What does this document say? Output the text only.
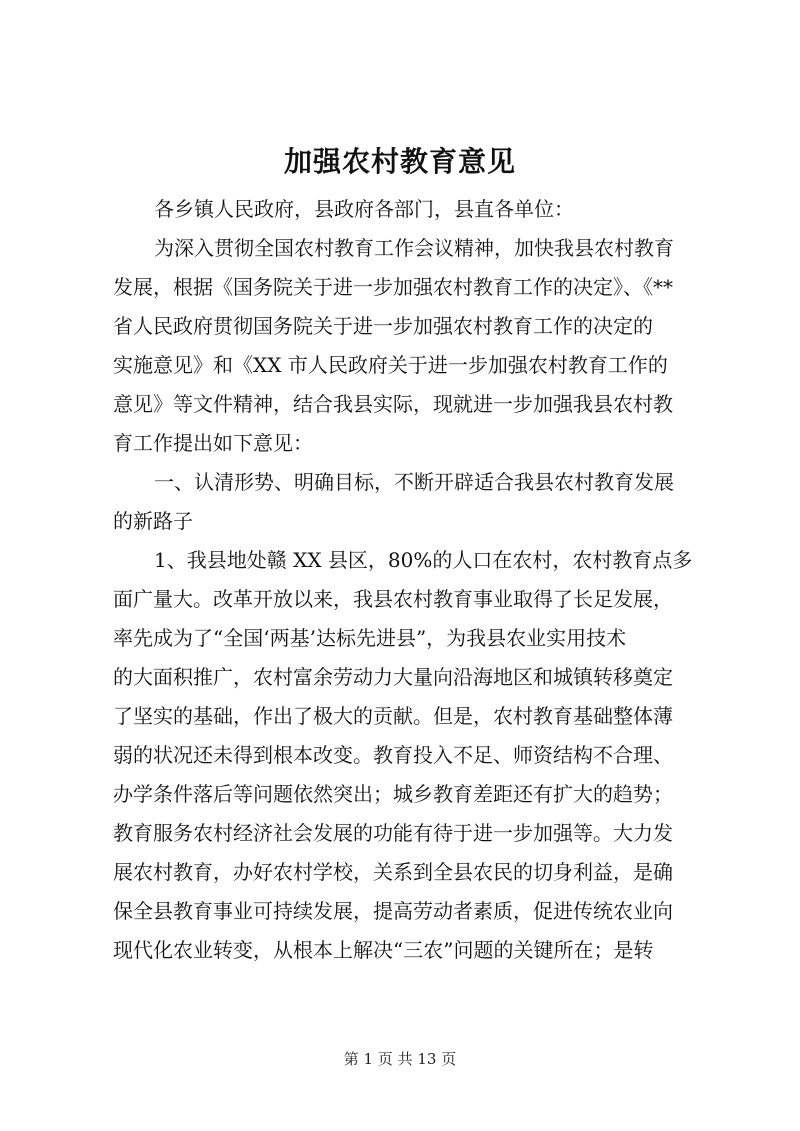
加强农村教育意见
各乡镇人民政府，县政府各部门，县直各单位：
为深入贯彻全国农村教育工作会议精神，加快我县农村教育
发展，根据《国务院关于进一步加强农村教育工作的决定》、《**
省人民政府贯彻国务院关于进一步加强农村教育工作的决定的
实施意见》和《XX 市人民政府关于进一步加强农村教育工作的
意见》等文件精神，结合我县实际，现就进一步加强我县农村教
育工作提出如下意见：
一、认清形势、明确目标，不断开辟适合我县农村教育发展
的新路子
1、我县地处赣 XX 县区，80%的人口在农村，农村教育点多
面广量大。改革开放以来，我县农村教育事业取得了长足发展，
率先成为了“全国‘两基’达标先进县”，为我县农业实用技术
的大面积推广，农村富余劳动力大量向沿海地区和城镇转移奠定
了坚实的基础，作出了极大的贡献。但是，农村教育基础整体薄
弱的状况还未得到根本改变。教育投入不足、师资结构不合理、
办学条件落后等问题依然突出；城乡教育差距还有扩大的趋势；
教育服务农村经济社会发展的功能有待于进一步加强等。大力发
展农村教育，办好农村学校，关系到全县农民的切身利益，是确
保全县教育事业可持续发展，提高劳动者素质，促进传统农业向
现代化农业转变，从根本上解决“三农”问题的关键所在；是转
第 1 页 共 13 页
